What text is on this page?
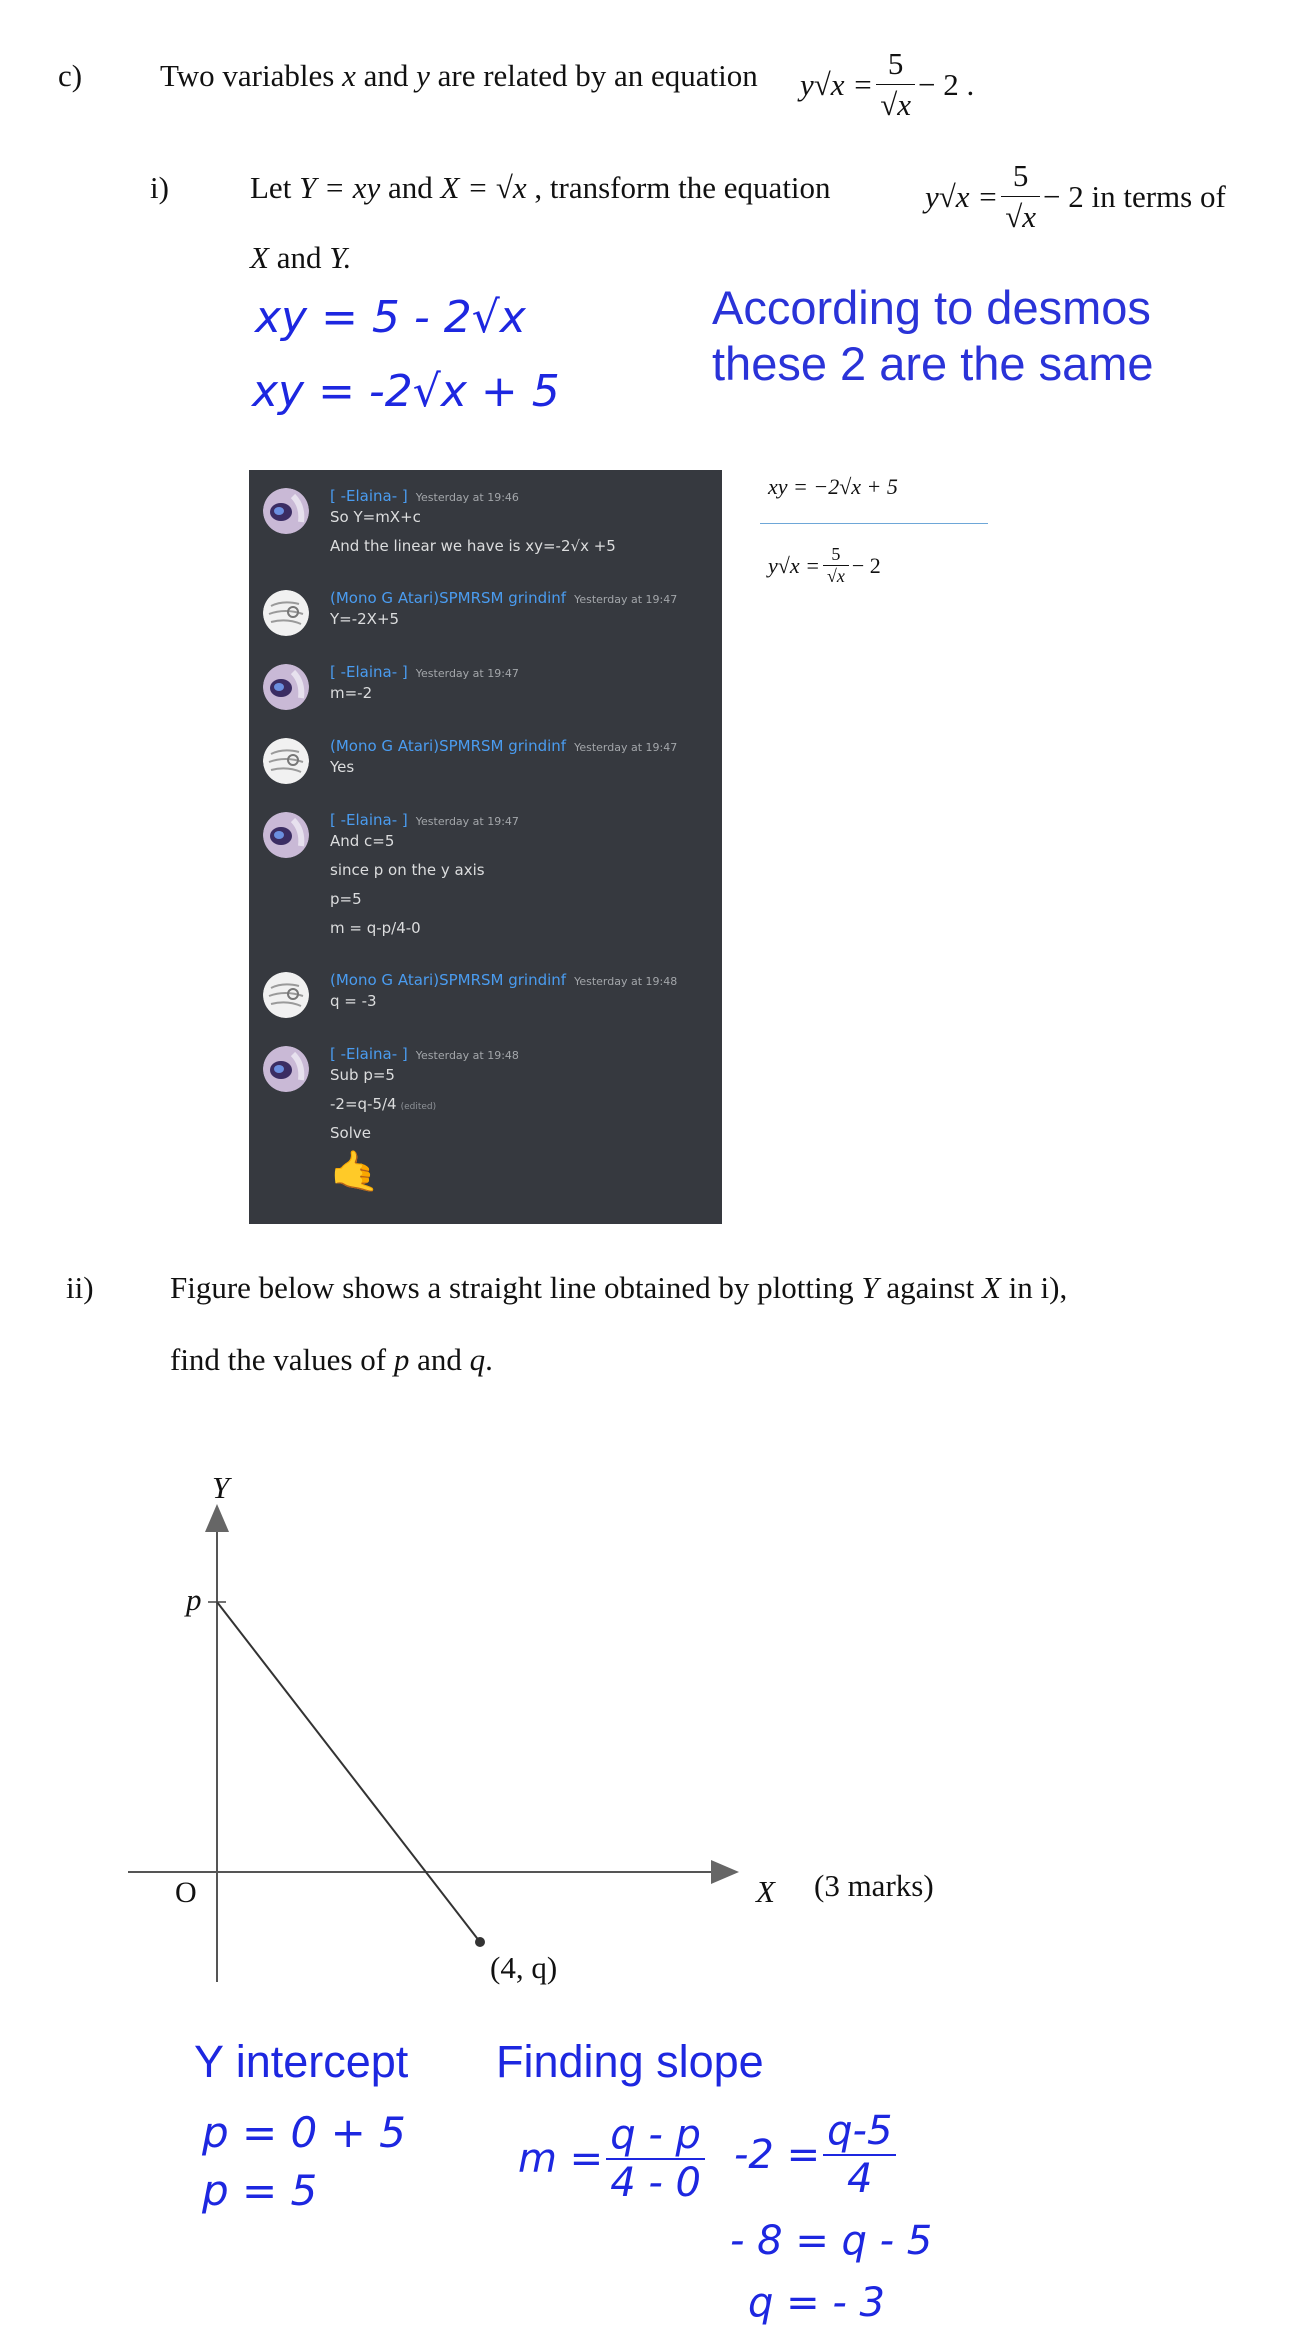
c)	Two variables x and y are related by an equation $y√x = \frac{5}{√x} - 2$ .
i)	Let Y = xy and X = √x , transform the equation	$y√x = \frac{5}{√x} - 2$ in terms of
X and Y.
xy = 5 - 2√x
xy = -2√x + 5
According to desmos
these 2 are the same
xy = −2√x + 5
$y√x = \frac{5}{√x} - 2$
[ -Elaina- ] Yesterday at 19:46
So Y=mX+c
And the linear we have is xy=-2√x +5
(Mono G Atari)SPMRSM grindinf Yesterday at 19:47
Y=-2X+5
[ -Elaina- ] Yesterday at 19:47
m=-2
(Mono G Atari)SPMRSM grindinf Yesterday at 19:47
Yes
[ -Elaina- ] Yesterday at 19:47
And c=5
since p on the y axis
p=5
m = q-p/4-0
(Mono G Atari)SPMRSM grindinf Yesterday at 19:48
q = -3
[ -Elaina- ] Yesterday at 19:48
Sub p=5
-2=q-5/4 (edited)
Solve
🤙
ii) Figure below shows a straight line obtained by plotting Y against X in i),
find the values of p and q.
Y
p
O	X (3 marks)
(4, q)
Y intercept
p = 0 + 5
p = 5
Finding slope
$m = \frac{q - p}{4 - 0} -2 = \frac{q-5}{4}$
- 8 = q - 5
q = - 3
